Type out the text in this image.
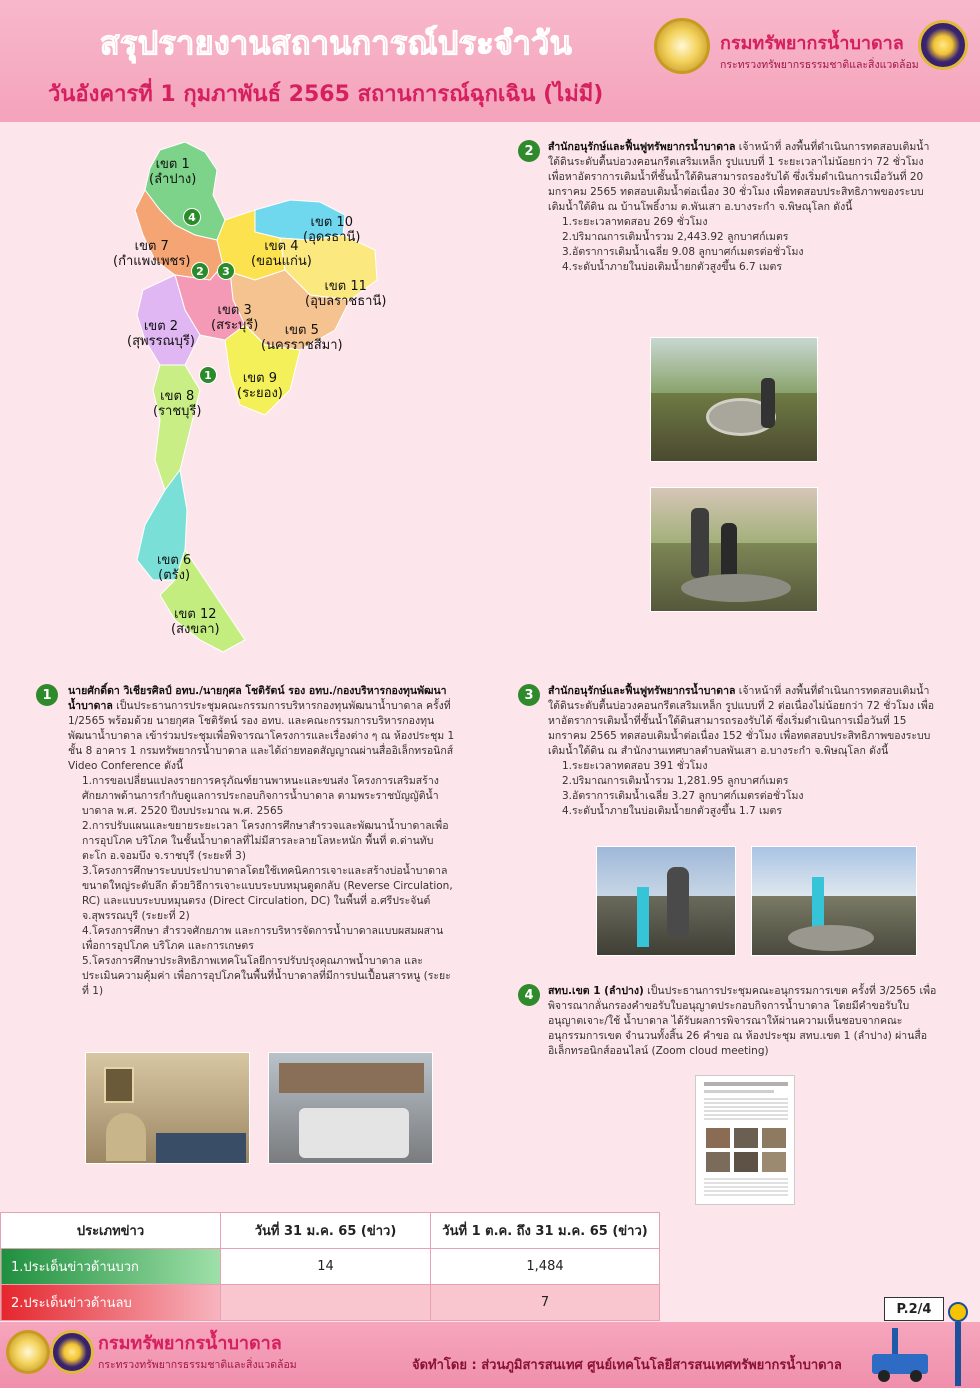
สรุปรายงานสถานการณ์ประจำวัน
วันอังคารที่ 1 กุมภาพันธ์ 2565 สถานการณ์ฉุกเฉิน (ไม่มี)
กรมทรัพยากรน้ำบาดาล
กระทรวงทรัพยากรธรรมชาติและสิ่งแวดล้อม
เขต 1
(ลำปาง)
เขต 10
(อุดรธานี)
เขต 7
(กำแพงเพชร)
เขต 4
(ขอนแก่น)
เขต 11
(อุบลราชธานี)
เขต 3
(สระบุรี)
เขต 2
(สุพรรณบุรี)
เขต 5
(นครราชสีมา)
เขต 9
(ระยอง)
เขต 8
(ราชบุรี)
เขต 6
(ตรัง)
เขต 12
(สงขลา)
4
2	3
1
2	สำนักอนุรักษ์และฟื้นฟูทรัพยากรน้ำบาดาล เจ้าหน้าที่ ลงพื้นที่ดำเนินการทดสอบเติมน้ำใต้ดินระดับตื้นบ่อวงคอนกรีตเสริมเหล็ก รูปแบบที่ 1 ระยะเวลาไม่น้อยกว่า 72 ชั่วโมง เพื่อหาอัตราการเติมน้ำที่ชั้นน้ำใต้ดินสามารถรองรับได้ ซึ่งเริ่มดำเนินการเมื่อวันที่ 20 มกราคม 2565 ทดสอบเติมน้ำต่อเนื่อง 30 ชั่วโมง เพื่อทดสอบประสิทธิภาพของระบบเติมน้ำใต้ดิน ณ บ้านโพธิ์งาม ต.พันเสา อ.บางระกำ จ.พิษณุโลก ดังนี้

1.ระยะเวลาทดสอบ 269 ชั่วโมง
2.ปริมาณการเติมน้ำรวม 2,443.92 ลูกบาศก์เมตร
3.อัตราการเติมน้ำเฉลี่ย 9.08 ลูกบาศก์เมตรต่อชั่วโมง
4.ระดับน้ำภายในบ่อเติมน้ำยกตัวสูงขึ้น 6.7 เมตร
1	นายศักดิ์ดา วิเชียรศิลป์ อทบ./นายกุศล โชติรัตน์ รอง อทบ./กองบริหารกองทุนพัฒนาน้ำบาดาล เป็นประธานการประชุมคณะกรรมการบริหารกองทุนพัฒนาน้ำบาดาล ครั้งที่ 1/2565 พร้อมด้วย นายกุศล โชติรัตน์ รอง อทบ. และคณะกรรมการบริหารกองทุนพัฒนาน้ำบาดาล เข้าร่วมประชุมเพื่อพิจารณาโครงการและเรื่องต่าง ๆ ณ ห้องประชุม 1 ชั้น 8 อาคาร 1 กรมทรัพยากรน้ำบาดาล และได้ถ่ายทอดสัญญาณผ่านสื่ออิเล็กทรอนิกส์ Video Conference ดังนี้

1.การขอเปลี่ยนแปลงรายการครุภัณฑ์ยานพาหนะและขนส่ง โครงการเสริมสร้างศักยภาพด้านการกำกับดูแลการประกอบกิจการน้ำบาดาล ตามพระราชบัญญัติน้ำบาดาล พ.ศ. 2520 ปีงบประมาณ พ.ศ. 2565
2.การปรับแผนและขยายระยะเวลา โครงการศึกษาสำรวจและพัฒนาน้ำบาดาลเพื่อการอุปโภค บริโภค ในชั้นน้ำบาดาลที่ไม่มีสารละลายโลหะหนัก พื้นที่ ต.ด่านทับตะโก อ.จอมบึง จ.ราชบุรี (ระยะที่ 3)
3.โครงการศึกษาระบบประปาบาดาลโดยใช้เทคนิคการเจาะและสร้างบ่อน้ำบาดาลขนาดใหญ่ระดับลึก ด้วยวิธีการเจาะแบบระบบหมุนดูดกลับ (Reverse Circulation, RC) และแบบระบบหมุนตรง (Direct Circulation, DC) ในพื้นที่ อ.ศรีประจันต์ จ.สุพรรณบุรี (ระยะที่ 2)
4.โครงการศึกษา สำรวจศักยภาพ และการบริหารจัดการน้ำบาดาลแบบผสมผสานเพื่อการอุปโภค บริโภค และการเกษตร
5.โครงการศึกษาประสิทธิภาพเทคโนโลยีการปรับปรุงคุณภาพน้ำบาดาล และประเมินความคุ้มค่า เพื่อการอุปโภคในพื้นที่น้ำบาดาลที่มีการปนเปื้อนสารหนู (ระยะที่ 1)
3	สำนักอนุรักษ์และฟื้นฟูทรัพยากรน้ำบาดาล เจ้าหน้าที่ ลงพื้นที่ดำเนินการทดสอบเติมน้ำใต้ดินระดับตื้นบ่อวงคอนกรีตเสริมเหล็ก รูปแบบที่ 2 ต่อเนื่องไม่น้อยกว่า 72 ชั่วโมง เพื่อหาอัตราการเติมน้ำที่ชั้นน้ำใต้ดินสามารถรองรับได้ ซึ่งเริ่มดำเนินการเมื่อวันที่ 15 มกราคม 2565 ทดสอบเติมน้ำต่อเนื่อง 152 ชั่วโมง เพื่อทดสอบประสิทธิภาพของระบบเติมน้ำใต้ดิน ณ สำนักงานเทศบาลตำบลพันเสา อ.บางระกำ จ.พิษณุโลก ดังนี้

1.ระยะเวลาทดสอบ 391 ชั่วโมง
2.ปริมาณการเติมน้ำรวม 1,281.95 ลูกบาศก์เมตร
3.อัตราการเติมน้ำเฉลี่ย 3.27 ลูกบาศก์เมตรต่อชั่วโมง
4.ระดับน้ำภายในบ่อเติมน้ำยกตัวสูงขึ้น 1.7 เมตร
4	สทบ.เขต 1 (ลำปาง) เป็นประธานการประชุมคณะอนุกรรมการเขต ครั้งที่ 3/2565 เพื่อพิจารณากลั่นกรองคำขอรับใบอนุญาตประกอบกิจการน้ำบาดาล โดยมีคำขอรับใบอนุญาตเจาะ/ใช้ น้ำบาดาล ได้รับผลการพิจารณาให้ผ่านความเห็นชอบจากคณะอนุกรรมการเขต จำนวนทั้งสิ้น 26 คำขอ ณ ห้องประชุม สทบ.เขต 1 (ลำปาง) ผ่านสื่ออิเล็กทรอนิกส์ออนไลน์ (Zoom cloud meeting)

ประเภทข่าว	วันที่ 31 ม.ค. 65 (ข่าว)	วันที่ 1 ต.ค. ถึง 31 ม.ค. 65 (ข่าว)
1.ประเด็นข่าวด้านบวก	14	1,484
2.ประเด็นข่าวด้านลบ		7	P.2/4
กรมทรัพยากรน้ำบาดาล
กระทรวงทรัพยากรธรรมชาติและสิ่งแวดล้อม	จัดทำโดย : ส่วนภูมิสารสนเทศ ศูนย์เทคโนโลยีสารสนเทศทรัพยากรน้ำบาดาล
